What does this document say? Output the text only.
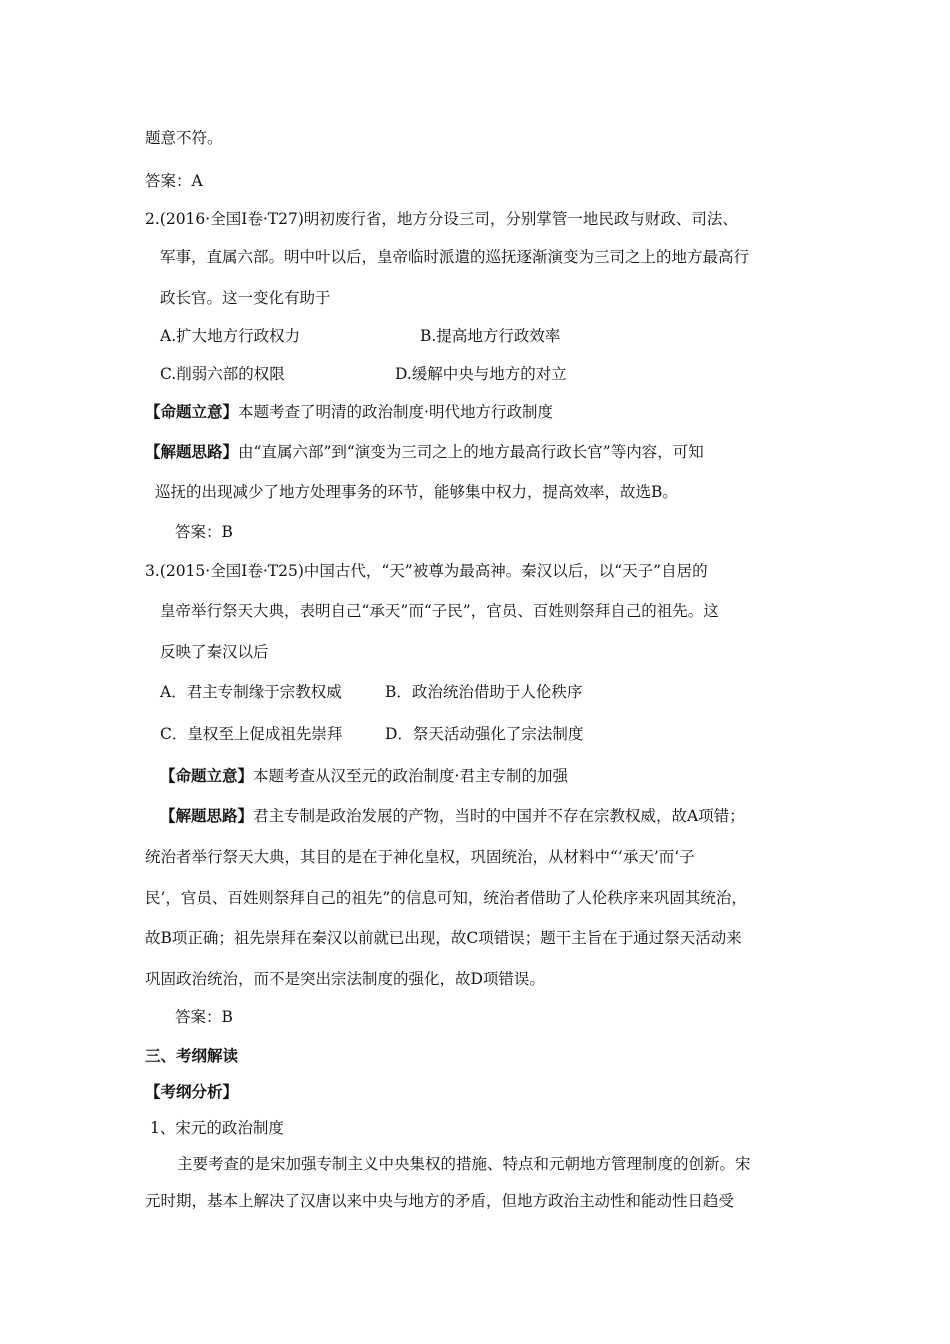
题意不符。
答案：A
2.(2016·全国Ⅰ卷·T27)明初废行省，地方分设三司，分别掌管一地民政与财政、司法、
军事，直属六部。明中叶以后，皇帝临时派遣的巡抚逐渐演变为三司之上的地方最高行
政长官。这一变化有助于
A.扩大地方行政权力	B.提高地方行政效率
C.削弱六部的权限	D.缓解中央与地方的对立
【命题立意】本题考查了明清的政治制度·明代地方行政制度
【解题思路】由“直属六部”到“演变为三司之上的地方最高行政长官”等内容，可知
巡抚的出现减少了地方处理事务的环节，能够集中权力，提高效率，故选B。
答案：B
3.(2015·全国Ⅰ卷·T25)中国古代，“天”被尊为最高神。秦汉以后，以“天子”自居的
皇帝举行祭天大典，表明自己“承天”而“子民”，官员、百姓则祭拜自己的祖先。这
反映了秦汉以后
A．君主专制缘于宗教权威	B．政治统治借助于人伦秩序
C．皇权至上促成祖先崇拜	D．祭天活动强化了宗法制度
【命题立意】本题考查从汉至元的政治制度·君主专制的加强
【解题思路】君主专制是政治发展的产物，当时的中国并不存在宗教权威，故A项错；
统治者举行祭天大典，其目的是在于神化皇权，巩固统治，从材料中“‘承天’而‘子
民’，官员、百姓则祭拜自己的祖先”的信息可知，统治者借助了人伦秩序来巩固其统治，
故B项正确；祖先崇拜在秦汉以前就已出现，故C项错误；题干主旨在于通过祭天活动来
巩固政治统治，而不是突出宗法制度的强化，故D项错误。
答案：B
三、考纲解读
【考纲分析】
1、宋元的政治制度
主要考查的是宋加强专制主义中央集权的措施、特点和元朝地方管理制度的创新。宋
元时期，基本上解决了汉唐以来中央与地方的矛盾，但地方政治主动性和能动性日趋受
